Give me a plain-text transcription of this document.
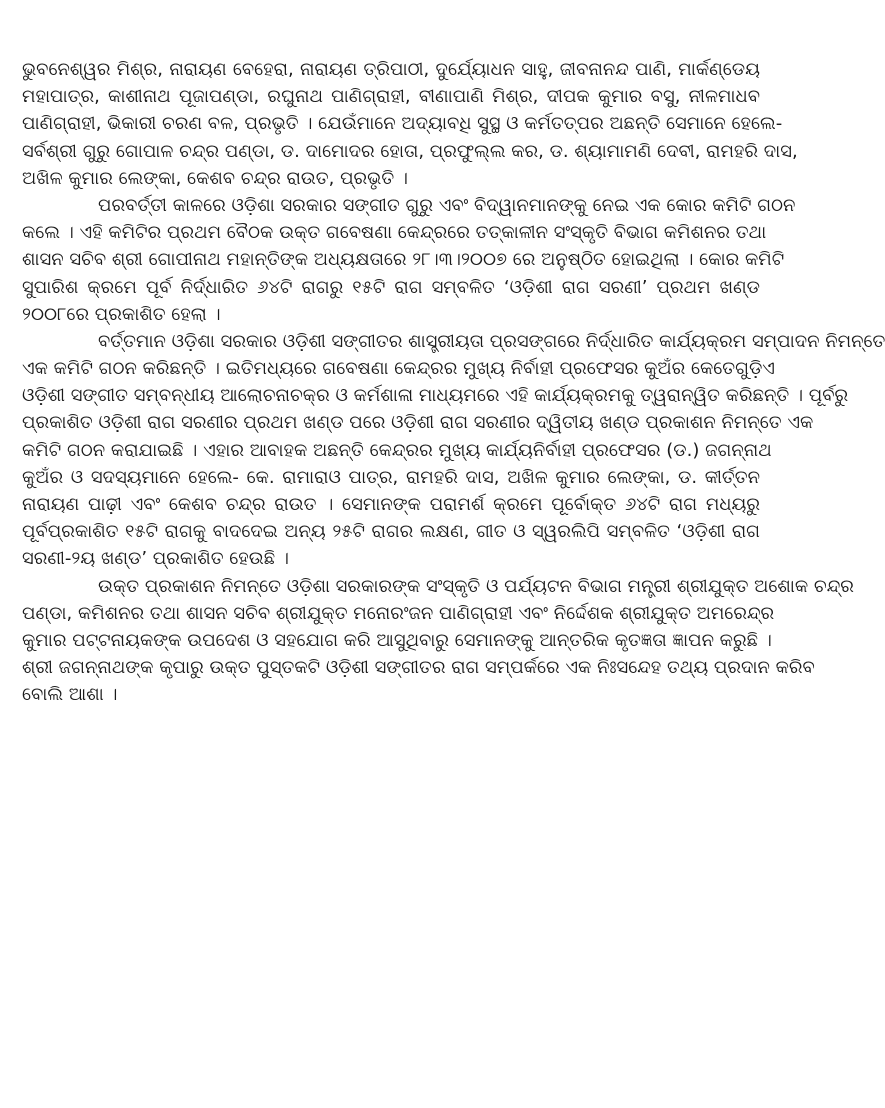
ଭୁବନେଶ୍ୱର ମିଶ୍ର, ନାରାୟଣ ବେହେରା, ନାରାୟଣ ତ୍ରିପାଠୀ, ଦୁର୍ଯ୍ୟୋଧନ ସାହୁ, ଜୀବନାନନ୍ଦ ପାଣି, ମାର୍କଣ୍ଡେୟ
ମହାପାତ୍ର, କାଶୀନାଥ ପୂଜାପଣ୍ଡା, ରଘୁନାଥ ପାଣିଗ୍ରାହୀ, ବୀଣାପାଣି ମିଶ୍ର, ଦୀପକ କୁମାର ବସୁ, ନୀଳମାଧବ
ପାଣିଗ୍ରାହୀ, ଭିକାରୀ ଚରଣ ବଳ, ପ୍ରଭୃତି । ଯେଉଁମାନେ ଅଦ୍ୟାବଧି ସୁସ୍ଥ ଓ କର୍ମତତ୍ପର ଅଛନ୍ତି ସେମାନେ ହେଲେ-
ସର୍ବଶ୍ରୀ ଗୁରୁ ଗୋପାଳ ଚନ୍ଦ୍ର ପଣ୍ଡା, ଡ. ଦାମୋଦର ହୋତା, ପ୍ରଫୁଲ୍ଲ କର, ଡ. ଶ୍ୟାମାମଣି ଦେବୀ, ରାମହରି ଦାସ,
ଅଖିଳ କୁମାର ଲେଙ୍କା, କେଶବ ଚନ୍ଦ୍ର ରାଉତ, ପ୍ରଭୃତି ।
ପରବର୍ତ୍ତୀ କାଳରେ ଓଡ଼ିଶା ସରକାର ସଙ୍ଗୀତ ଗୁରୁ ଏବଂ ବିଦ୍ୱାନମାନଙ୍କୁ ନେଇ ଏକ କୋର କମିଟି ଗଠନ
କଲେ । ଏହି କମିଟିର ପ୍ରଥମ ବୈଠକ ଉକ୍ତ ଗବେଷଣା କେନ୍ଦ୍ରରେ ତତ୍କାଳୀନ ସଂସ୍କୃତି ବିଭାଗ କମିଶନର ତଥା
ଶାସନ ସଚିବ ଶ୍ରୀ ଗୋପୀନାଥ ମହାନ୍ତିଙ୍କ ଅଧ୍ୟକ୍ଷତାରେ ୨୮।୩।୨୦୦୭ ରେ ଅନୁଷ୍ଠିତ ହୋଇଥିଲା । କୋର କମିଟି
ସୁପାରିଶ କ୍ରମେ ପୂର୍ବ ନିର୍ଦ୍ଧାରିତ ୬୪ଟି ରାଗରୁ ୧୫ଟି ରାଗ ସମ୍ବଳିତ ‘ଓଡ଼ିଶୀ ରାଗ ସରଣୀ’ ପ୍ରଥମ ଖଣ୍ଡ
୨୦୦୮ରେ ପ୍ରକାଶିତ ହେଲା ।
ବର୍ତ୍ତମାନ ଓଡ଼ିଶା ସରକାର ଓଡ଼ିଶୀ ସଙ୍ଗୀତର ଶାସ୍ତ୍ରୀୟତା ପ୍ରସଙ୍ଗରେ ନିର୍ଦ୍ଧାରିତ କାର୍ଯ୍ୟକ୍ରମ ସମ୍ପାଦନ ନିମନ୍ତେ
ଏକ କମିଟି ଗଠନ କରିଛନ୍ତି । ଇତିମଧ୍ୟରେ ଗବେଷଣା କେନ୍ଦ୍ରର ମୁଖ୍ୟ ନିର୍ବାହୀ ପ୍ରଫେସର କୁଅଁର କେତେଗୁଡ଼ିଏ
ଓଡ଼ିଶୀ ସଙ୍ଗୀତ ସମ୍ବନ୍ଧୀୟ ଆଲୋଚନାଚକ୍ର ଓ କର୍ମଶାଳା ମାଧ୍ୟମରେ ଏହି କାର୍ଯ୍ୟକ୍ରମକୁ ତ୍ୱରାନ୍ୱିତ କରିଛନ୍ତି । ପୂର୍ବରୁ
ପ୍ରକାଶିତ ଓଡ଼ିଶୀ ରାଗ ସରଣୀର ପ୍ରଥମ ଖଣ୍ଡ ପରେ ଓଡ଼ିଶୀ ରାଗ ସରଣୀର ଦ୍ୱିତୀୟ ଖଣ୍ଡ ପ୍ରକାଶନ ନିମନ୍ତେ ଏକ
କମିଟି ଗଠନ କରାଯାଇଛି । ଏହାର ଆବାହକ ଅଛନ୍ତି କେନ୍ଦ୍ରର ମୁଖ୍ୟ କାର୍ଯ୍ୟନିର୍ବାହୀ ପ୍ରଫେସର (ଡ.) ଜଗନ୍ନାଥ
କୁଅଁର ଓ ସଦସ୍ୟମାନେ ହେଲେ- କେ. ରାମାରାଓ ପାତ୍ର, ରାମହରି ଦାସ, ଅଖିଳ କୁମାର ଲେଙ୍କା, ଡ. କୀର୍ତ୍ତନ
ନାରାୟଣ ପାଢ଼ୀ ଏବଂ କେଶବ ଚନ୍ଦ୍ର ରାଉତ । ସେମାନଙ୍କ ପରାମର୍ଶ କ୍ରମେ ପୂର୍ବୋକ୍ତ ୬୪ଟି ରାଗ ମଧ୍ୟରୁ
ପୂର୍ବପ୍ରକାଶିତ ୧୫ଟି ରାଗକୁ ବାଦଦେଇ ଅନ୍ୟ ୨୫ଟି ରାଗର ଲକ୍ଷଣ, ଗୀତ ଓ ସ୍ୱରଲିପି ସମ୍ବଳିତ ‘ଓଡ଼ିଶୀ ରାଗ
ସରଣୀ-୨ୟ ଖଣ୍ଡ’ ପ୍ରକାଶିତ ହେଉଛି ।
ଉକ୍ତ ପ୍ରକାଶନ ନିମନ୍ତେ ଓଡ଼ିଶା ସରକାରଙ୍କ ସଂସ୍କୃତି ଓ ପର୍ଯ୍ୟଟନ ବିଭାଗ ମନ୍ତ୍ରୀ ଶ୍ରୀଯୁକ୍ତ ଅଶୋକ ଚନ୍ଦ୍ର
ପଣ୍ଡା, କମିଶନର ତଥା ଶାସନ ସଚିବ ଶ୍ରୀଯୁକ୍ତ ମନୋରଂଜନ ପାଣିଗ୍ରାହୀ ଏବଂ ନିର୍ଦ୍ଦେଶକ ଶ୍ରୀଯୁକ୍ତ ଅମରେନ୍ଦ୍ର
କୁମାର ପଟ୍ଟନାୟକଙ୍କ ଉପଦେଶ ଓ ସହଯୋଗ କରି ଆସୁଥିବାରୁ ସେମାନଙ୍କୁ ଆନ୍ତରିକ କୃତଜ୍ଞତା ଜ୍ଞାପନ କରୁଛି ।
ଶ୍ରୀ ଜଗନ୍ନାଥଙ୍କ କୃପାରୁ ଉକ୍ତ ପୁସ୍ତକଟି ଓଡ଼ିଶୀ ସଙ୍ଗୀତର ରାଗ ସମ୍ପର୍କରେ ଏକ ନିଃସନ୍ଦେହ ତଥ୍ୟ ପ୍ରଦାନ କରିବ
ବୋଲି ଆଶା ।
